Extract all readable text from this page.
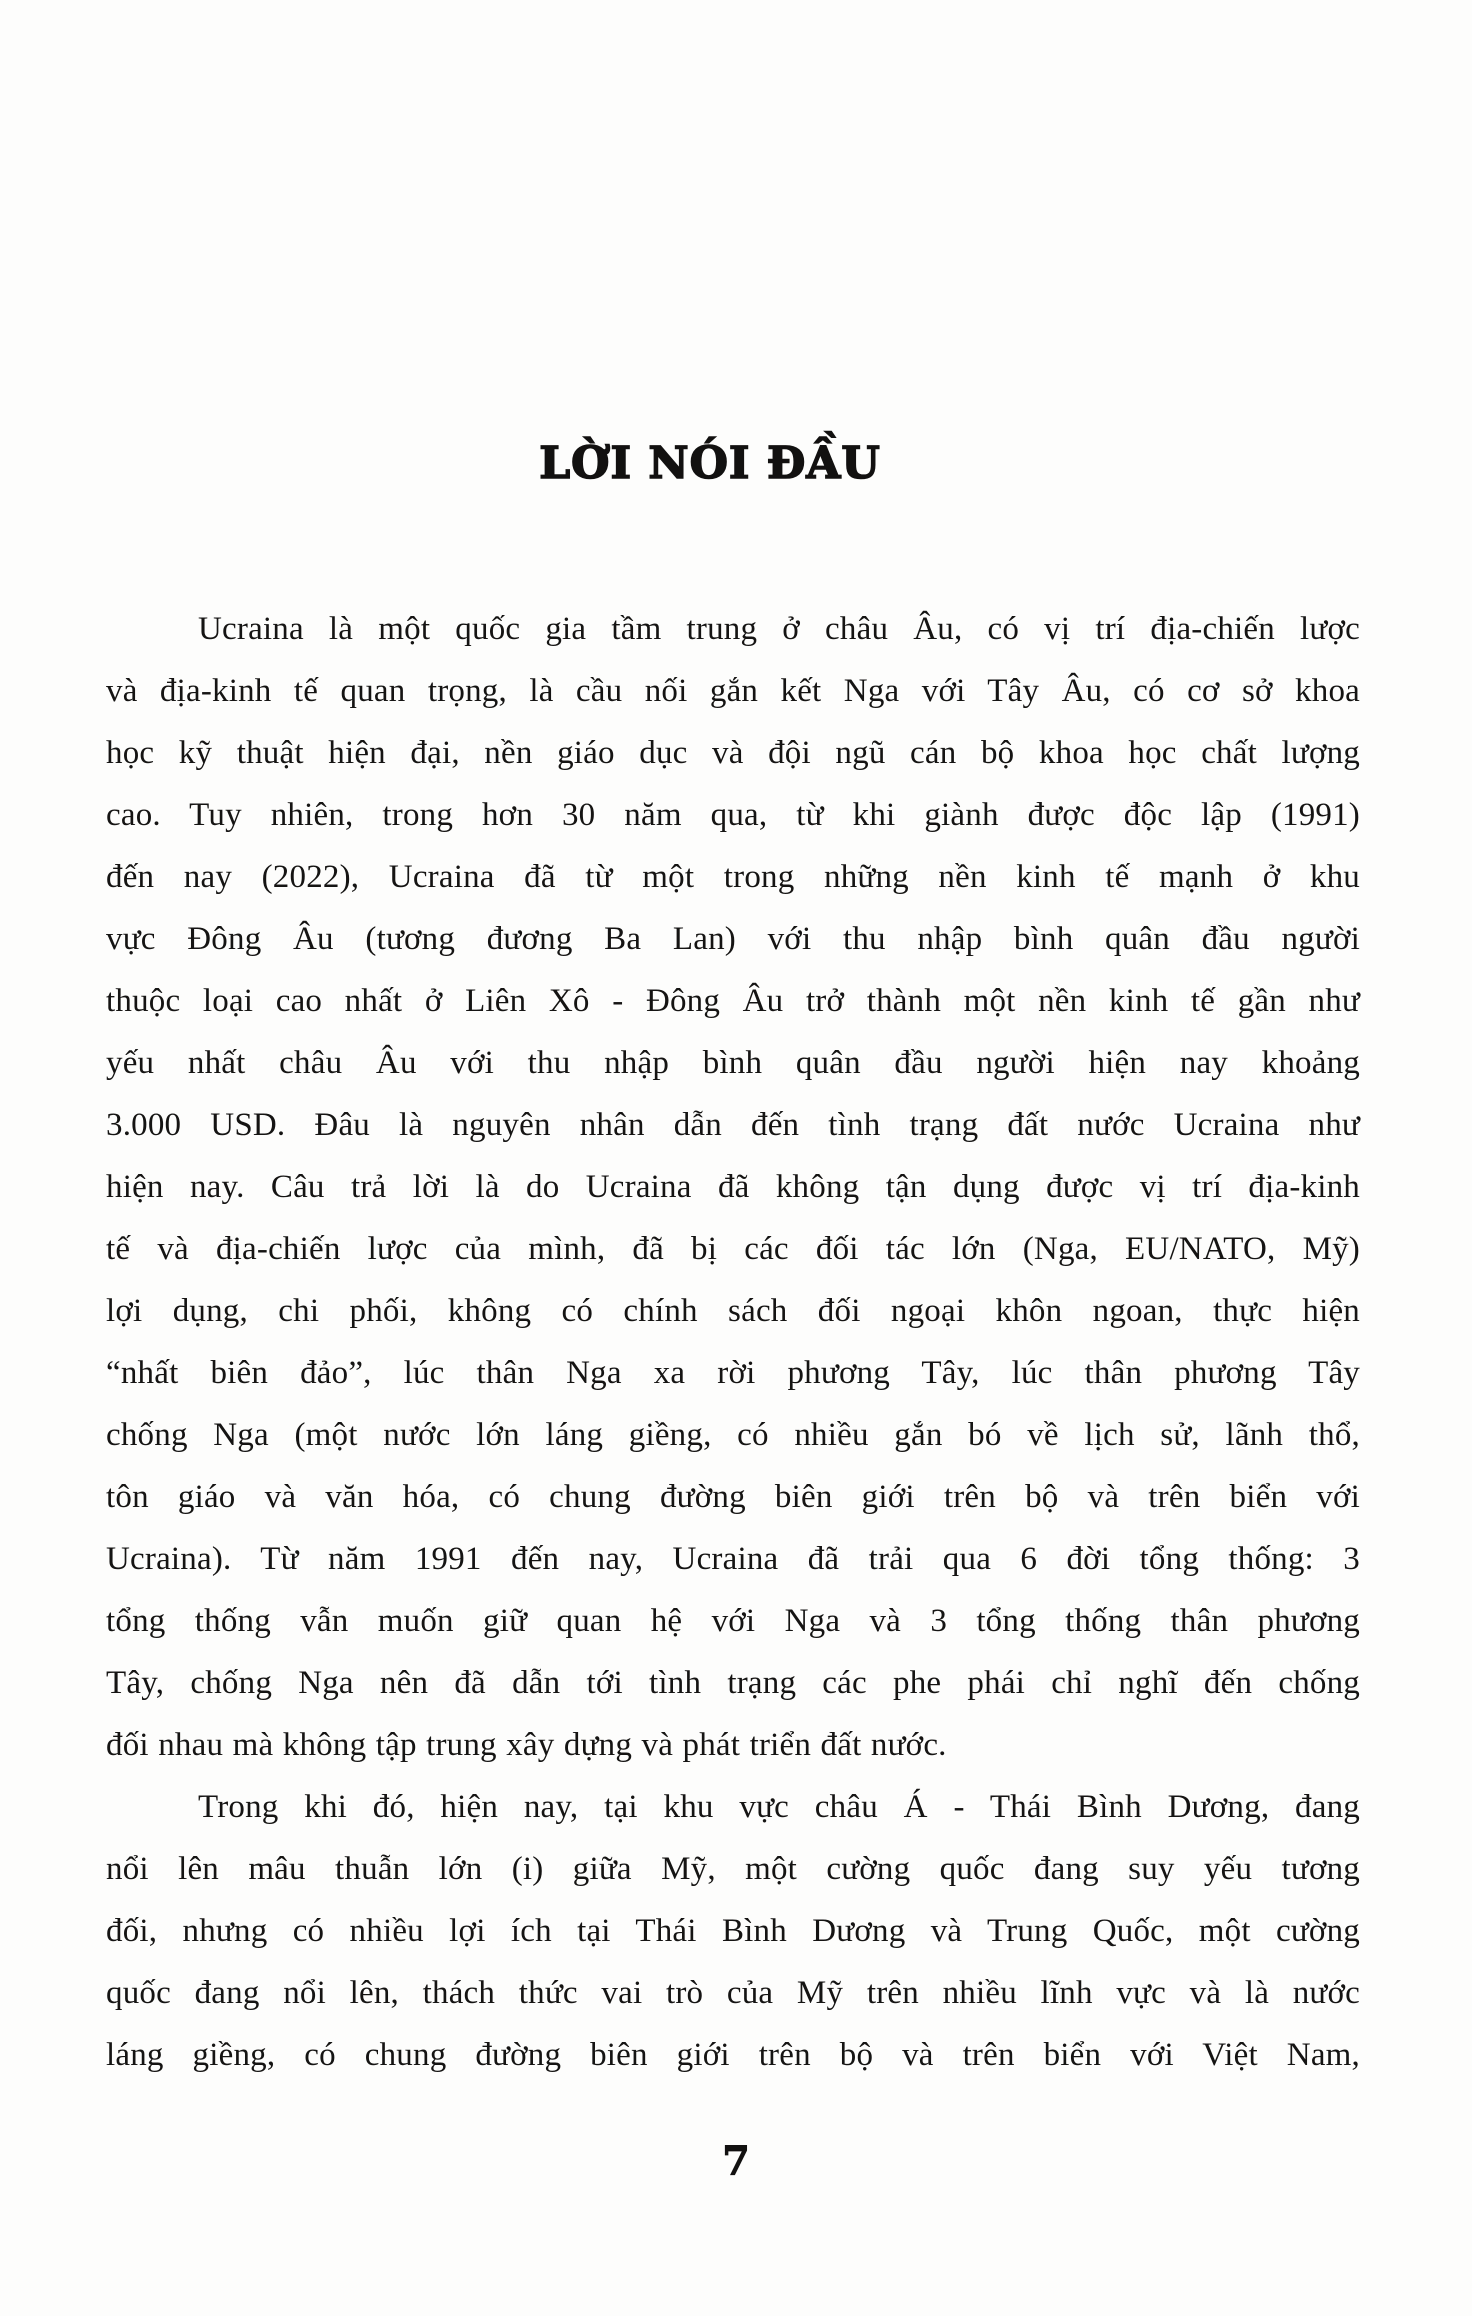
LỜI NÓI ĐẦU
Ucraina là một quốc gia tầm trung ở châu Âu, có vị trí địa-chiến lược
và địa-kinh tế quan trọng, là cầu nối gắn kết Nga với Tây Âu, có cơ sở khoa
học kỹ thuật hiện đại, nền giáo dục và đội ngũ cán bộ khoa học chất lượng
cao. Tuy nhiên, trong hơn 30 năm qua, từ khi giành được độc lập (1991)
đến nay (2022), Ucraina đã từ một trong những nền kinh tế mạnh ở khu
vực Đông Âu (tương đương Ba Lan) với thu nhập bình quân đầu người
thuộc loại cao nhất ở Liên Xô - Đông Âu trở thành một nền kinh tế gần như
yếu nhất châu Âu với thu nhập bình quân đầu người hiện nay khoảng
3.000 USD. Đâu là nguyên nhân dẫn đến tình trạng đất nước Ucraina như
hiện nay. Câu trả lời là do Ucraina đã không tận dụng được vị trí địa-kinh
tế và địa-chiến lược của mình, đã bị các đối tác lớn (Nga, EU/NATO, Mỹ)
lợi dụng, chi phối, không có chính sách đối ngoại khôn ngoan, thực hiện
“nhất biên đảo”, lúc thân Nga xa rời phương Tây, lúc thân phương Tây
chống Nga (một nước lớn láng giềng, có nhiều gắn bó về lịch sử, lãnh thổ,
tôn giáo và văn hóa, có chung đường biên giới trên bộ và trên biển với
Ucraina). Từ năm 1991 đến nay, Ucraina đã trải qua 6 đời tổng thống: 3
tổng thống vẫn muốn giữ quan hệ với Nga và 3 tổng thống thân phương
Tây, chống Nga nên đã dẫn tới tình trạng các phe phái chỉ nghĩ đến chống
đối nhau mà không tập trung xây dựng và phát triển đất nước.
Trong khi đó, hiện nay, tại khu vực châu Á - Thái Bình Dương, đang
nổi lên mâu thuẫn lớn (i) giữa Mỹ, một cường quốc đang suy yếu tương
đối, nhưng có nhiều lợi ích tại Thái Bình Dương và Trung Quốc, một cường
quốc đang nổi lên, thách thức vai trò của Mỹ trên nhiều lĩnh vực và là nước
láng giềng, có chung đường biên giới trên bộ và trên biển với Việt Nam,
7
